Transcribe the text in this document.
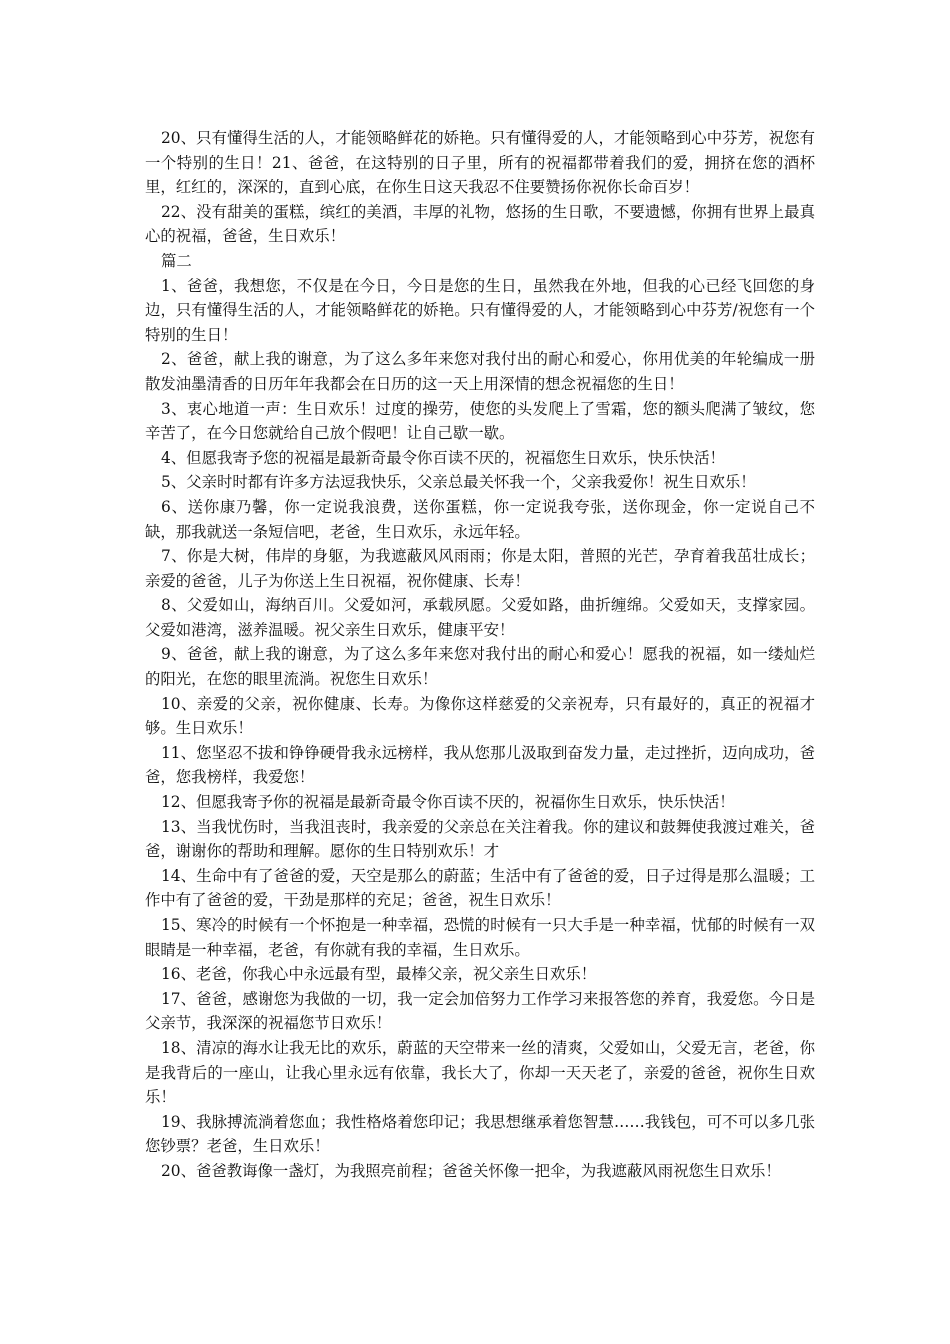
20、只有懂得生活的人，才能领略鲜花的娇艳。只有懂得爱的人，才能领略到心中芬芳，祝您有一个特别的生日！21、爸爸，在这特别的日子里，所有的祝福都带着我们的爱，拥挤在您的酒杯里，红红的，深深的，直到心底，在你生日这天我忍不住要赞扬你祝你长命百岁！

22、没有甜美的蛋糕，缤红的美酒，丰厚的礼物，悠扬的生日歌，不要遗憾，你拥有世界上最真心的祝福，爸爸，生日欢乐！

篇二

1、爸爸，我想您，不仅是在今日，今日是您的生日，虽然我在外地，但我的心已经飞回您的身边，只有懂得生活的人，才能领略鲜花的娇艳。只有懂得爱的人，才能领略到心中芬芳/祝您有一个特别的生日！

2、爸爸，献上我的谢意，为了这么多年来您对我付出的耐心和爱心，你用优美的年轮编成一册散发油墨清香的日历年年我都会在日历的这一天上用深情的想念祝福您的生日！

3、衷心地道一声：生日欢乐！过度的操劳，使您的头发爬上了雪霜，您的额头爬满了皱纹，您辛苦了，在今日您就给自己放个假吧！让自己歇一歇。

4、但愿我寄予您的祝福是最新奇最令你百读不厌的，祝福您生日欢乐，快乐快活！

5、父亲时时都有许多方法逗我快乐，父亲总最关怀我一个，父亲我爱你！祝生日欢乐！

6、送你康乃馨，你一定说我浪费，送你蛋糕，你一定说我夸张，送你现金，你一定说自己不缺，那我就送一条短信吧，老爸，生日欢乐，永远年轻。

7、你是大树，伟岸的身躯，为我遮蔽风风雨雨；你是太阳，普照的光芒，孕育着我茁壮成长；亲爱的爸爸，儿子为你送上生日祝福，祝你健康、长寿！

8、父爱如山，海纳百川。父爱如河，承载夙愿。父爱如路，曲折缠绵。父爱如天，支撑家园。父爱如港湾，滋养温暖。祝父亲生日欢乐，健康平安！

9、爸爸，献上我的谢意，为了这么多年来您对我付出的耐心和爱心！愿我的祝福，如一缕灿烂的阳光，在您的眼里流淌。祝您生日欢乐！

10、亲爱的父亲，祝你健康、长寿。为像你这样慈爱的父亲祝寿，只有最好的，真正的祝福才够。生日欢乐！

11、您坚忍不拔和铮铮硬骨我永远榜样，我从您那儿汲取到奋发力量，走过挫折，迈向成功，爸爸，您我榜样，我爱您！

12、但愿我寄予你的祝福是最新奇最令你百读不厌的，祝福你生日欢乐，快乐快活！

13、当我忧伤时，当我沮丧时，我亲爱的父亲总在关注着我。你的建议和鼓舞使我渡过难关，爸爸，谢谢你的帮助和理解。愿你的生日特别欢乐！才

14、生命中有了爸爸的爱，天空是那么的蔚蓝；生活中有了爸爸的爱，日子过得是那么温暖；工作中有了爸爸的爱，干劲是那样的充足；爸爸，祝生日欢乐！

15、寒冷的时候有一个怀抱是一种幸福，恐慌的时候有一只大手是一种幸福，忧郁的时候有一双眼睛是一种幸福，老爸，有你就有我的幸福，生日欢乐。

16、老爸，你我心中永远最有型，最棒父亲，祝父亲生日欢乐！

17、爸爸，感谢您为我做的一切，我一定会加倍努力工作学习来报答您的养育，我爱您。今日是父亲节，我深深的祝福您节日欢乐！

18、清凉的海水让我无比的欢乐，蔚蓝的天空带来一丝的清爽，父爱如山，父爱无言，老爸，你是我背后的一座山，让我心里永远有依靠，我长大了，你却一天天老了，亲爱的爸爸，祝你生日欢乐！

19、我脉搏流淌着您血；我性格烙着您印记；我思想继承着您智慧……我钱包，可不可以多几张您钞票？老爸，生日欢乐！

20、爸爸教诲像一盏灯，为我照亮前程；爸爸关怀像一把伞，为我遮蔽风雨祝您生日欢乐！
